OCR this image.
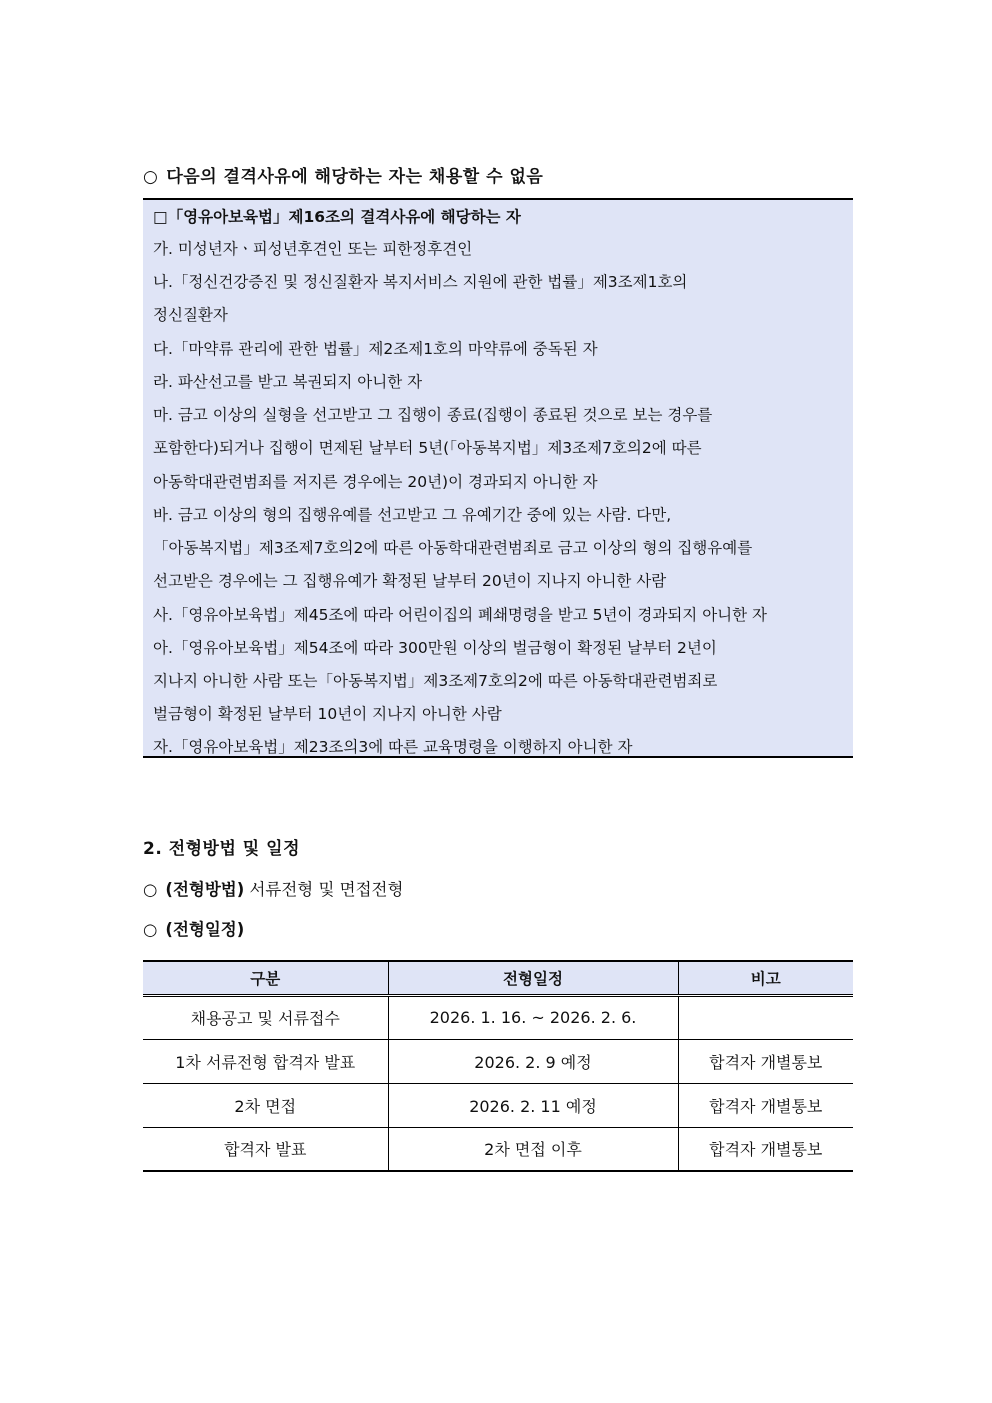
○ 다음의 결격사유에 해당하는 자는 채용할 수 없음
□「영유아보육법」제16조의 결격사유에 해당하는 자
가. 미성년자ㆍ피성년후견인 또는 피한정후견인
나.「정신건강증진 및 정신질환자 복지서비스 지원에 관한 법률」제3조제1호의
정신질환자
다.「마약류 관리에 관한 법률」제2조제1호의 마약류에 중독된 자
라. 파산선고를 받고 복권되지 아니한 자
마. 금고 이상의 실형을 선고받고 그 집행이 종료(집행이 종료된 것으로 보는 경우를
포함한다)되거나 집행이 면제된 날부터 5년(「아동복지법」제3조제7호의2에 따른
아동학대관련범죄를 저지른 경우에는 20년)이 경과되지 아니한 자
바. 금고 이상의 형의 집행유예를 선고받고 그 유예기간 중에 있는 사람. 다만,
「아동복지법」제3조제7호의2에 따른 아동학대관련범죄로 금고 이상의 형의 집행유예를
선고받은 경우에는 그 집행유예가 확정된 날부터 20년이 지나지 아니한 사람
사.「영유아보육법」제45조에 따라 어린이집의 폐쇄명령을 받고 5년이 경과되지 아니한 자
아.「영유아보육법」제54조에 따라 300만원 이상의 벌금형이 확정된 날부터 2년이
지나지 아니한 사람 또는「아동복지법」제3조제7호의2에 따른 아동학대관련범죄로
벌금형이 확정된 날부터 10년이 지나지 아니한 사람
자.「영유아보육법」제23조의3에 따른 교육명령을 이행하지 아니한 자
2. 전형방법 및 일정
○ (전형방법) 서류전형 및 면접전형
○ (전형일정)
구분	전형일정	비고
채용공고 및 서류접수	2026. 1. 16. ~ 2026. 2. 6.	
1차 서류전형 합격자 발표	2026. 2. 9 예정	합격자 개별통보
2차 면접	2026. 2. 11 예정	합격자 개별통보
합격자 발표	2차 면접 이후	합격자 개별통보
